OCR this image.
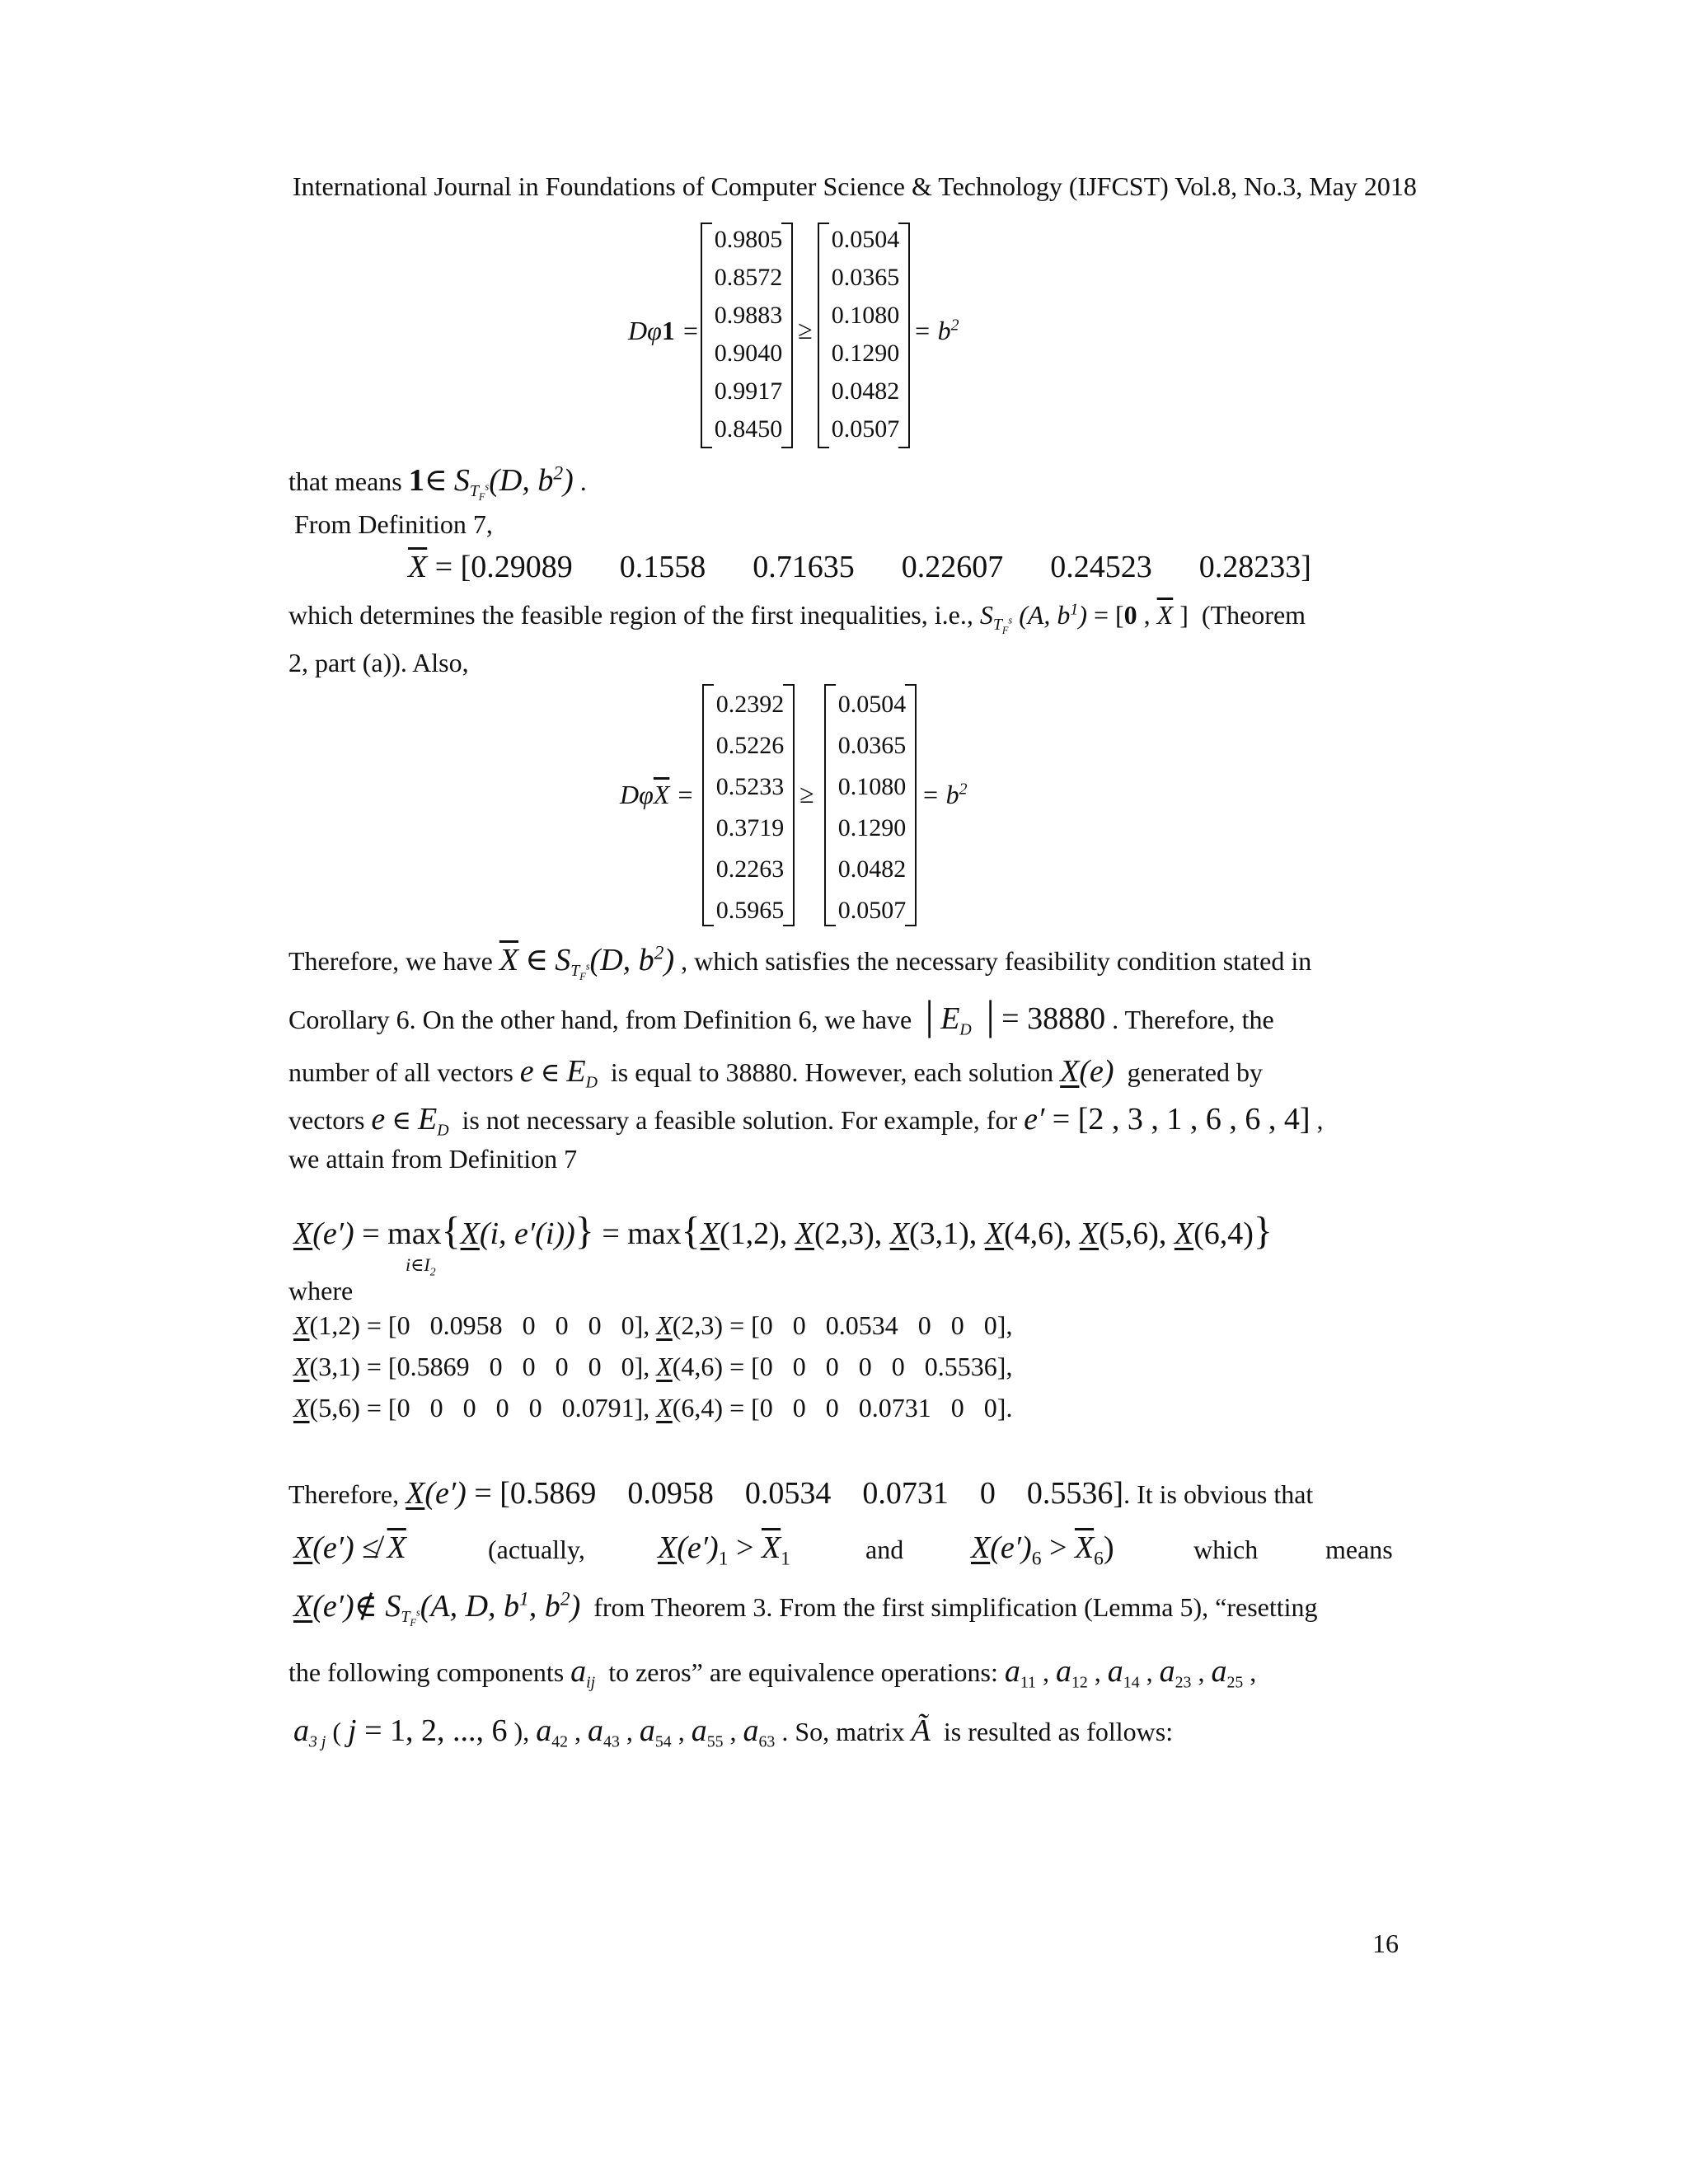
International Journal in Foundations of Computer Science & Technology (IJFCST) Vol.8, No.3, May 2018
Dφ1 =
0.9805
0.8572
0.9883
0.9040
0.9917
0.8450
≥
0.0504
0.0365
0.1080
0.1290
0.0482
0.0507
= $b^2$
that means 1∈ $S_{T_F^s}(D$, $b^2$) .
From Definition 7,
$\overline{X} = [0.29089$      0.1558      0.71635      0.22607      0.24523      0.28233]
which determines the feasible region of the first inequalities, i.e., $S_{T_F^s}$ (A, $b^1) = [0$ , $\overline{X}$ ]  (Theorem
2, part (a)). Also,
$D\varphi\overline{X}$ =
0.2392
0.5226
0.5233
0.3719
0.2263
0.5965
≥
0.0504
0.0365
0.1080
0.1290
0.0482
0.0507
= $b^2$
Therefore, we have $\overline{X}$ ∈ $S_{T_F^s}(D$, $b^2$) , which satisfies the necessary feasibility condition stated in
Corollary 6. On the other hand, from Definition 6, we have $│E_D$ │= 38880 . Therefore, the
number of all vectors e ∈ $E_D$  is equal to 38880. However, each solution X(e)  generated by
vectors e ∈ $E_D$  is not necessary a feasible solution. For example, for e′ = [2 , 3 , 1 , 6 , 6 , 4] ,
we attain from Definition 7
X(e′) = max{X(i, e′(i))} = max{X(1,2), X(2,3), X(3,1), X(4,6), X(5,6), X(6,4)}
$i\in I_2$
where
X(1,2) = [0   0.0958   0   0   0   0], X(2,3) = [0   0   0.0534   0   0   0],
X(3,1) = [0.5869   0   0   0   0   0], X(4,6) = [0   0   0   0   0   0.5536],
X(5,6) = [0   0   0   0   0   0.0791], X(6,4) = [0   0   0   0.0731   0   0].
Therefore, X(e′) = [0.5869    0.0958    0.0534    0.0731    0    0.5536]. It is obvious that
X(e′) ≰ $\overline{X}$	(actually, $X(e')_1 > \overline{X}_1$	and $X(e')_6 > \overline{X}_6$)	which	means
X(e′)∉ $S_{T_F^s}(A$, D, $b^1$, $b^2$)  from Theorem 3. From the first simplification (Lemma 5), “resetting
the following components $a_{ij}$  to zeros” are equivalence operations: $a_{11}$ , $a_{12}$ , $a_{14}$ , $a_{23}$ , $a_{25}$ ,
$a_{3 j}$ ( j = 1, 2, ..., 6 ), $a_{42}$ , $a_{43}$ , $a_{54}$ , $a_{55}$ , $a_{63}$ . So, matrix Ã  is resulted as follows:
16
